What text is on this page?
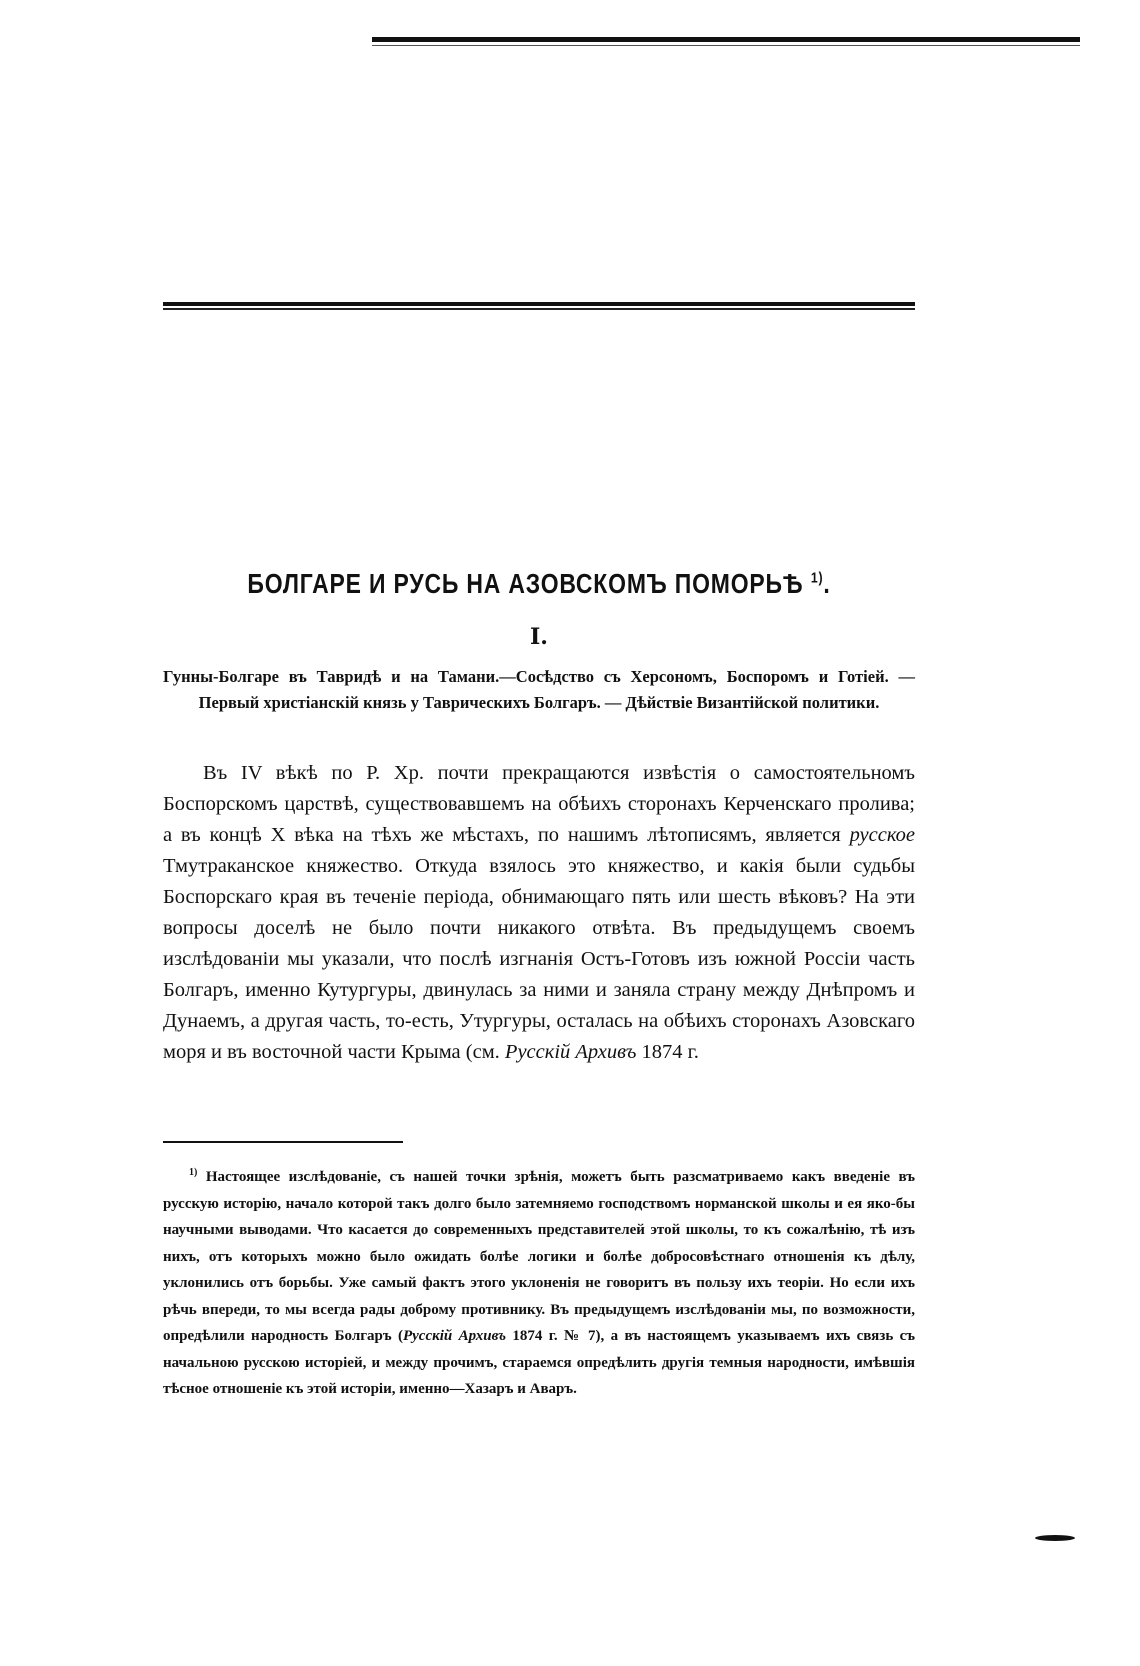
БОЛГАРЕ И РУСЬ НА АЗОВСКОМЪ ПОМОРЬѢ $^{1)}$.
I.

Гунны-Болгаре въ Тавридѣ и на Тамани.—Сосѣдство съ Херсономъ, Боспоромъ и Готіей. — Первый христіанскій князь у Таврическихъ Болгаръ. — Дѣйствіе Византійской политики.

Въ IV вѣкѣ по Р. Хр. почти прекращаются извѣстія о самостоятельномъ Боспорскомъ царствѣ, существовавшемъ на обѣихъ сторонахъ Керченскаго пролива; а въ концѣ X вѣка на тѣхъ же мѣстахъ, по нашимъ лѣтописямъ, является русское Тмутраканское княжество. Откуда взялось это княжество, и какія были судьбы Боспорскаго края въ теченіе періода, обнимающаго пять или шесть вѣковъ? На эти вопросы доселѣ не было почти никакого отвѣта. Въ предыдущемъ своемъ изслѣдованіи мы указали, что послѣ изгнанія Остъ-Готовъ изъ южной Россіи часть Болгаръ, именно Кутургуры, двинулась за ними и заняла страну между Днѣпромъ и Дунаемъ, а другая часть, то-есть, Утургуры, осталась на обѣихъ сторонахъ Азовскаго моря и въ восточной части Крыма (см. Русскій Архивъ 1874 г.

$^{1)}$ Настоящее изслѣдованіе, съ нашей точки зрѣнія, можетъ быть разсматриваемо какъ введеніе въ русскую исторію, начало которой такъ долго было затемняемо господствомъ норманской школы и ея яко-бы научными выводами. Что касается до современныхъ представителей этой школы, то къ сожалѣнію, тѣ изъ нихъ, отъ которыхъ можно было ожидать болѣе логики и болѣе добросовѣстнаго отношенія къ дѣлу, уклонились отъ борьбы. Уже самый фактъ этого уклоненія не говоритъ въ пользу ихъ теоріи. Но если ихъ рѣчь впереди, то мы всегда рады доброму противнику. Въ предыдущемъ изслѣдованіи мы, по возможности, опредѣлили народность Болгаръ (Русскій Архивъ 1874 г. № 7), а въ настоящемъ указываемъ ихъ связь съ начальною русскою исторіей, и между прочимъ, стараемся опредѣлить другія темныя народности, имѣвшія тѣсное отношеніе къ этой исторіи, именно—Хазаръ и Аваръ.
